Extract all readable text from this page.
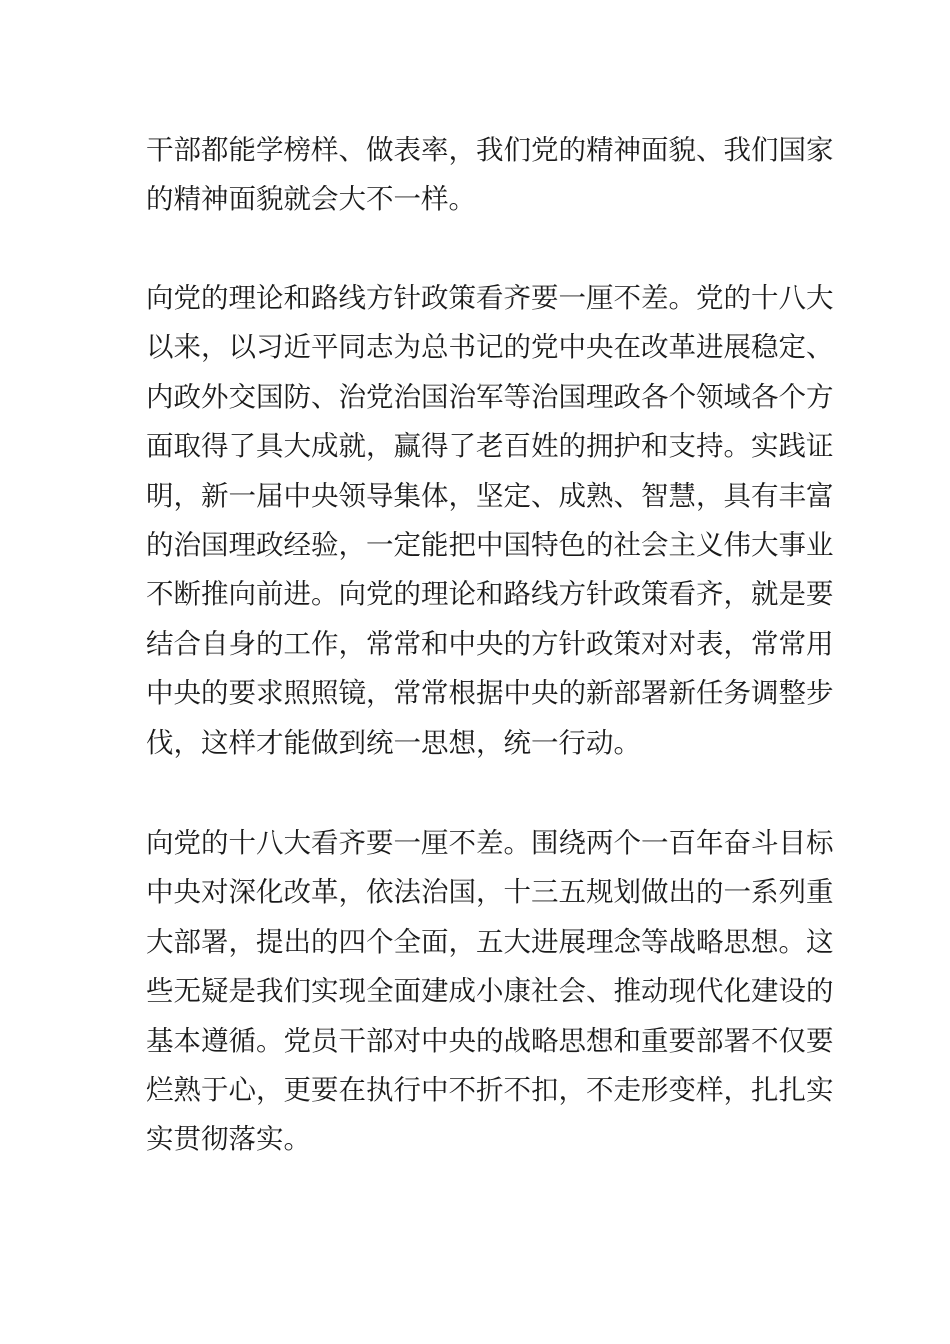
干部都能学榜样、做表率，我们党的精神面貌、我们国家
的精神面貌就会大不一样。
向党的理论和路线方针政策看齐要一厘不差。党的十八大
以来，以习近平同志为总书记的党中央在改革进展稳定、
内政外交国防、治党治国治军等治国理政各个领域各个方
面取得了具大成就，赢得了老百姓的拥护和支持。实践证
明，新一届中央领导集体，坚定、成熟、智慧，具有丰富
的治国理政经验，一定能把中国特色的社会主义伟大事业
不断推向前进。向党的理论和路线方针政策看齐，就是要
结合自身的工作，常常和中央的方针政策对对表，常常用
中央的要求照照镜，常常根据中央的新部署新任务调整步
伐，这样才能做到统一思想，统一行动。
向党的十八大看齐要一厘不差。围绕两个一百年奋斗目标
中央对深化改革，依法治国，十三五规划做出的一系列重
大部署，提出的四个全面，五大进展理念等战略思想。这
些无疑是我们实现全面建成小康社会、推动现代化建设的
基本遵循。党员干部对中央的战略思想和重要部署不仅要
烂熟于心，更要在执行中不折不扣，不走形变样，扎扎实
实贯彻落实。
